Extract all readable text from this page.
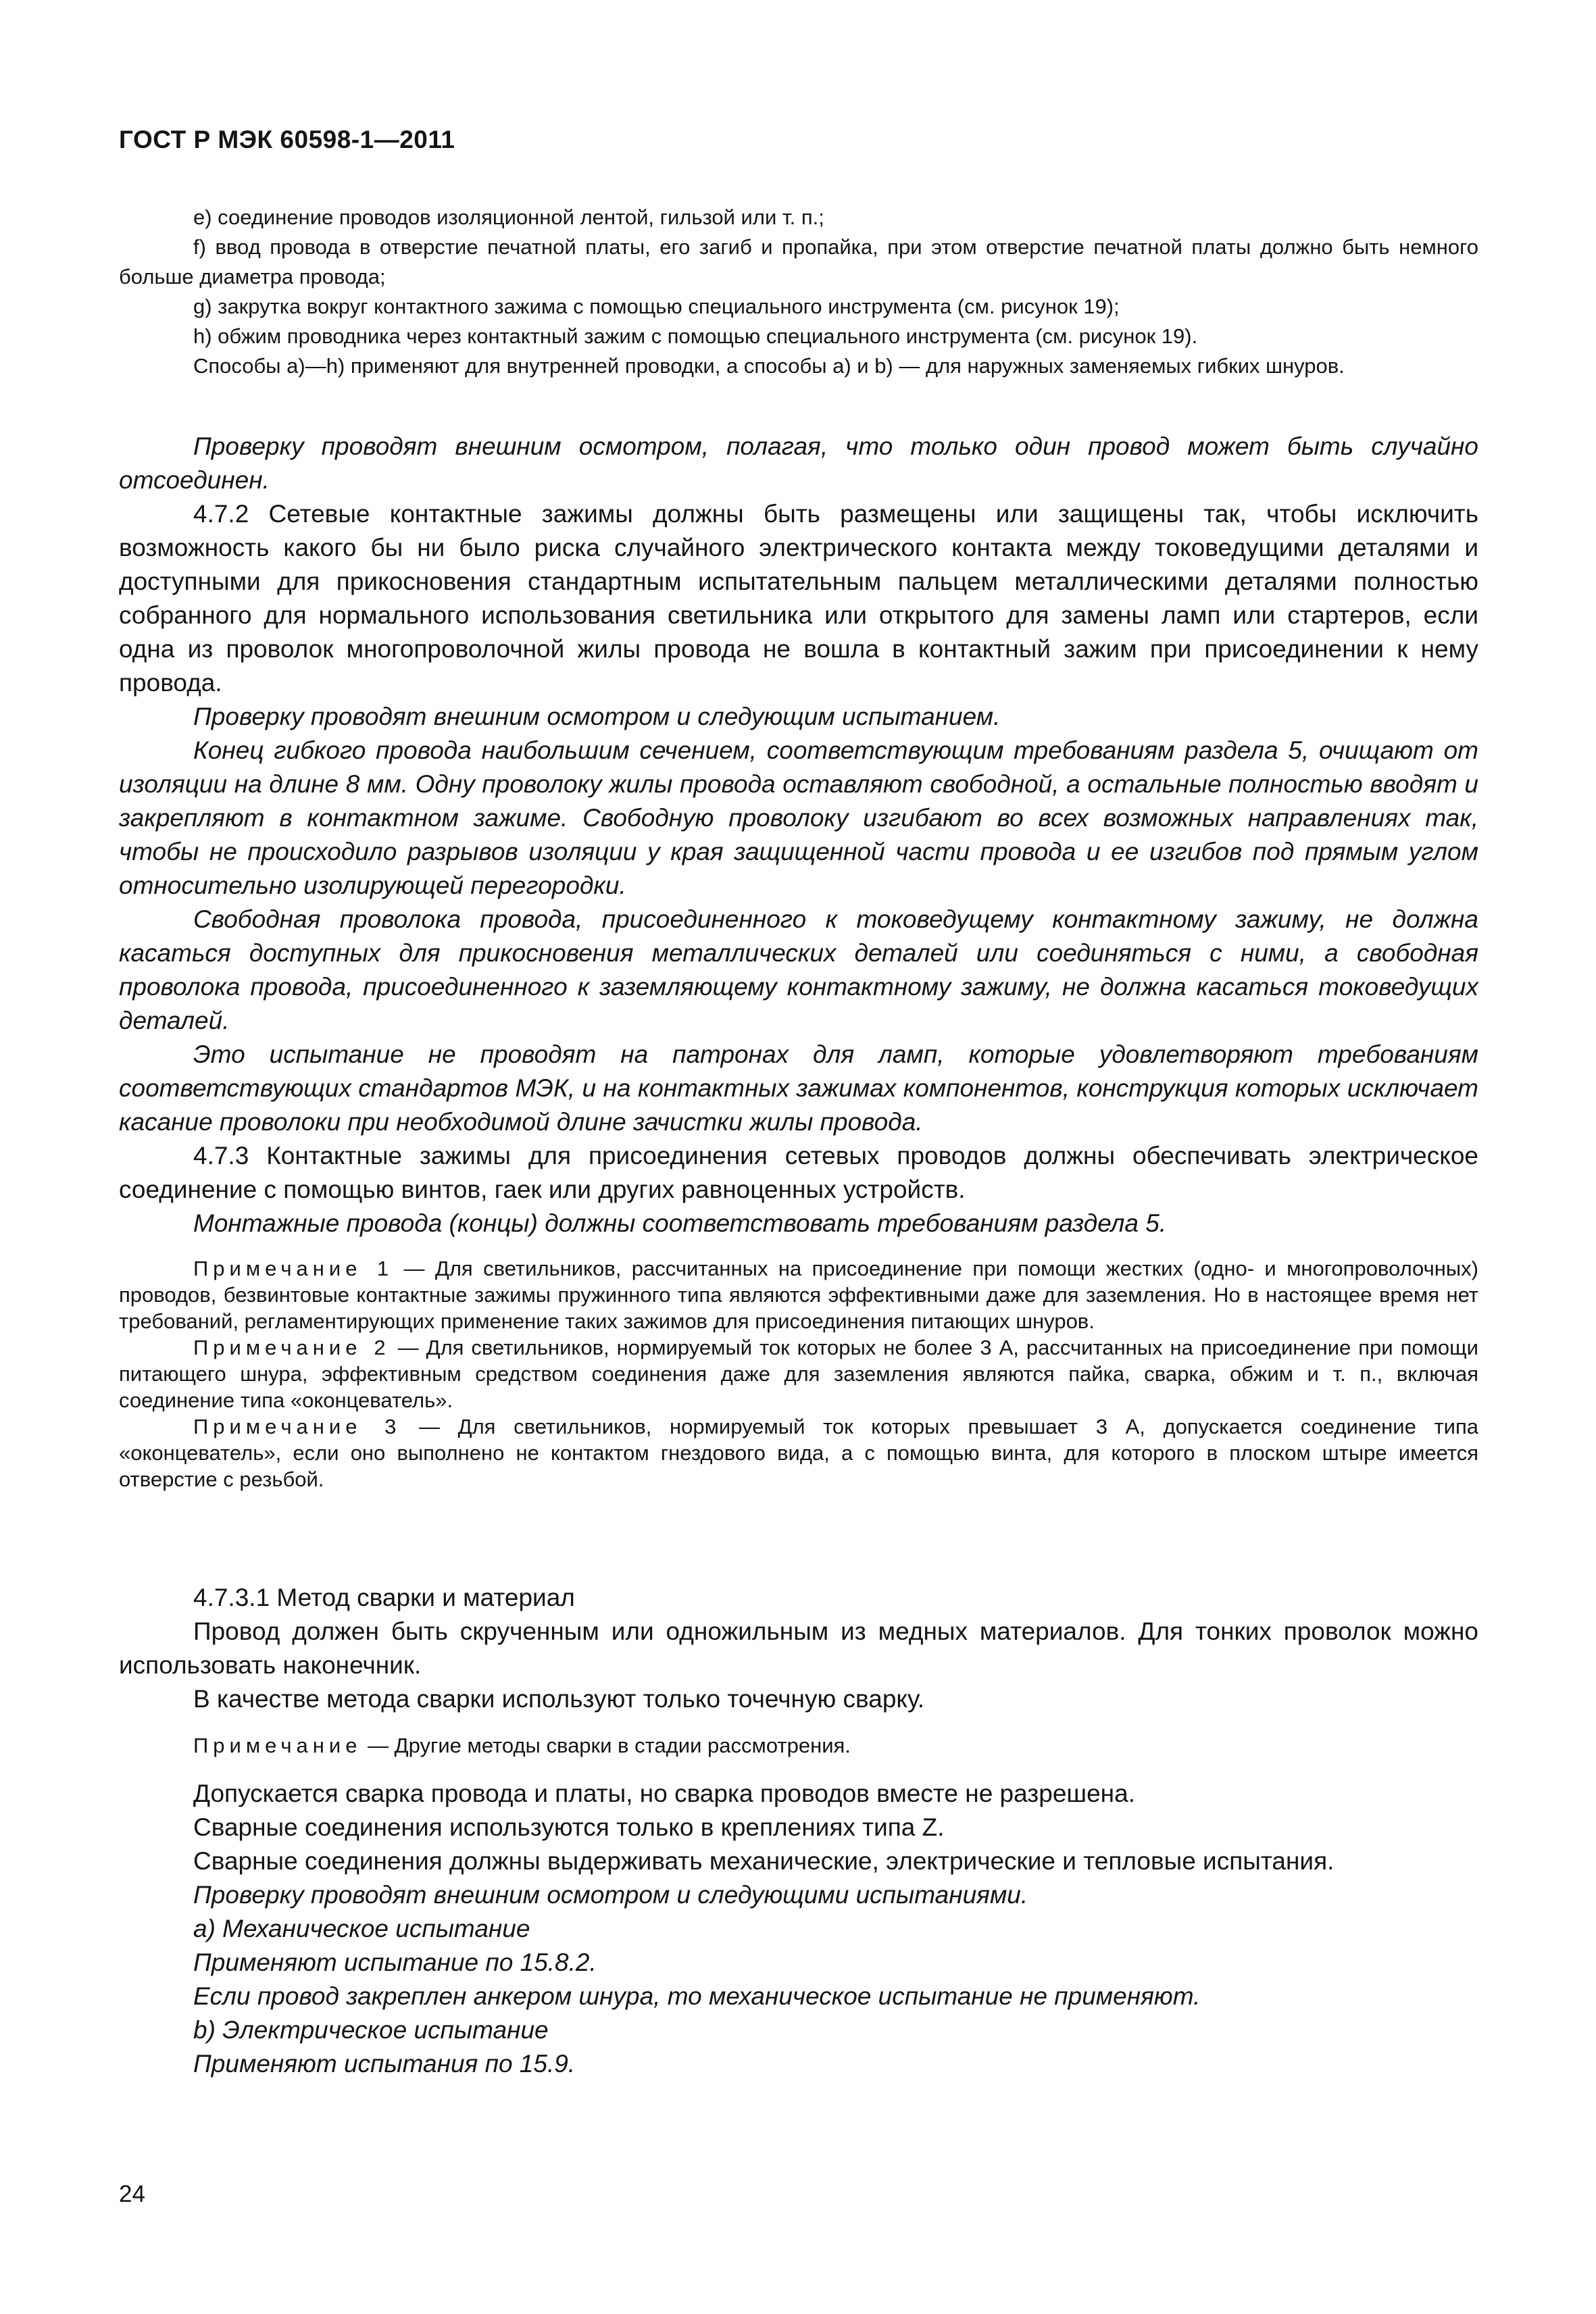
ГОСТ Р МЭК 60598-1—2011

е) соединение проводов изоляционной лентой, гильзой или т. п.;

f) ввод провода в отверстие печатной платы, его загиб и пропайка, при этом отверстие печатной платы должно быть немного больше диаметра провода;

g) закрутка вокруг контактного зажима с помощью специального инструмента (см. рисунок 19);

h) обжим проводника через контактный зажим с помощью специального инструмента (см. рисунок 19).

Способы а)—h) применяют для внутренней проводки, а способы а) и b) — для наружных заменяемых гибких шнуров.

Проверку проводят внешним осмотром, полагая, что только один провод может быть случайно отсоединен.

4.7.2 Сетевые контактные зажимы должны быть размещены или защищены так, чтобы исключить возможность какого бы ни было риска случайного электрического контакта между токоведущими деталями и доступными для прикосновения стандартным испытательным пальцем металлическими деталями полностью собранного для нормального использования светильника или открытого для замены ламп или стартеров, если одна из проволок многопроволочной жилы провода не вошла в контактный зажим при присоединении к нему провода.

Проверку проводят внешним осмотром и следующим испытанием.

Конец гибкого провода наибольшим сечением, соответствующим требованиям раздела 5, очищают от изоляции на длине 8 мм. Одну проволоку жилы провода оставляют свободной, а остальные полностью вводят и закрепляют в контактном зажиме. Свободную проволоку изгибают во всех возможных направлениях так, чтобы не происходило разрывов изоляции у края защищенной части провода и ее изгибов под прямым углом относительно изолирующей перегородки.

Свободная проволока провода, присоединенного к токоведущему контактному зажиму, не должна касаться доступных для прикосновения металлических деталей или соединяться с ними, а свободная проволока провода, присоединенного к заземляющему контактному зажиму, не должна касаться токоведущих деталей.

Это испытание не проводят на патронах для ламп, которые удовлетворяют требованиям соответствующих стандартов МЭК, и на контактных зажимах компонентов, конструкция которых исключает касание проволоки при необходимой длине зачистки жилы провода.

4.7.3 Контактные зажимы для присоединения сетевых проводов должны обеспечивать электрическое соединение с помощью винтов, гаек или других равноценных устройств.

Монтажные провода (концы) должны соответствовать требованиям раздела 5.

Примечание 1 — Для светильников, рассчитанных на присоединение при помощи жестких (одно- и многопроволочных) проводов, безвинтовые контактные зажимы пружинного типа являются эффективными даже для заземления. Но в настоящее время нет требований, регламентирующих применение таких зажимов для присоединения питающих шнуров.

Примечание 2 — Для светильников, нормируемый ток которых не более 3 А, рассчитанных на присоединение при помощи питающего шнура, эффективным средством соединения даже для заземления являются пайка, сварка, обжим и т. п., включая соединение типа «оконцеватель».

Примечание 3 — Для светильников, нормируемый ток которых превышает 3 А, допускается соединение типа «оконцеватель», если оно выполнено не контактом гнездового вида, а с помощью винта, для которого в плоском штыре имеется отверстие с резьбой.

4.7.3.1 Метод сварки и материал

Провод должен быть скрученным или одножильным из медных материалов. Для тонких проволок можно использовать наконечник.

В качестве метода сварки используют только точечную сварку.

Примечание — Другие методы сварки в стадии рассмотрения.

Допускается сварка провода и платы, но сварка проводов вместе не разрешена.

Сварные соединения используются только в креплениях типа Z.

Сварные соединения должны выдерживать механические, электрические и тепловые испытания.

Проверку проводят внешним осмотром и следующими испытаниями.

а) Механическое испытание

Применяют испытание по 15.8.2.

Если провод закреплен анкером шнура, то механическое испытание не применяют.

b) Электрическое испытание

Применяют испытания по 15.9.

24
